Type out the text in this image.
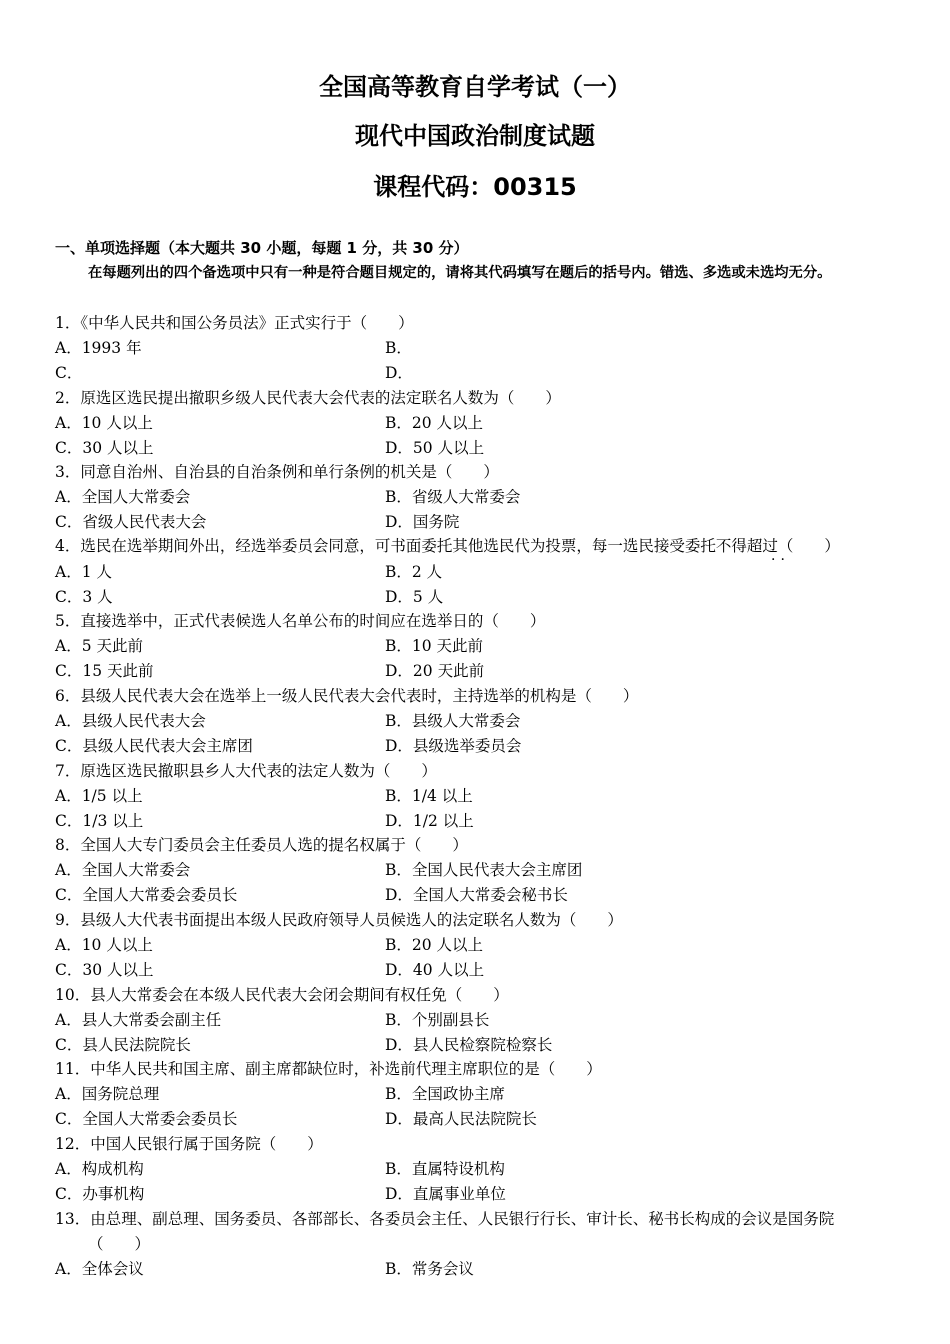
全国高等教育自学考试（一）
现代中国政治制度试题
课程代码：00315
一、单项选择题（本大题共 30 小题，每题 1 分，共 30 分）
在每题列出的四个备选项中只有一种是符合题目规定的，请将其代码填写在题后的括号内。错选、多选或未选均无分。
1．《中华人民共和国公务员法》正式实行于（　　）
A．1993 年	B．
C．	D．
2．原选区选民提出撤职乡级人民代表大会代表的法定联名人数为（　　）
A．10 人以上	B．20 人以上
C．30 人以上	D．50 人以上
3．同意自治州、自治县的自治条例和单行条例的机关是（　　）
A．全国人大常委会	B．省级人大常委会
C．省级人民代表大会	D．国务院
4．选民在选举期间外出，经选举委员会同意，可书面委托其他选民代为投票，每一选民接受委托不得超过（　　）
··
A．1 人	B．2 人
C．3 人	D．5 人
5．直接选举中，正式代表候选人名单公布的时间应在选举日的（　　）
A．5 天此前	B．10 天此前
C．15 天此前	D．20 天此前
6．县级人民代表大会在选举上一级人民代表大会代表时，主持选举的机构是（　　）
A．县级人民代表大会	B．县级人大常委会
C．县级人民代表大会主席团	D．县级选举委员会
7．原选区选民撤职县乡人大代表的法定人数为（　　）
A．1/5 以上	B．1/4 以上
C．1/3 以上	D．1/2 以上
8．全国人大专门委员会主任委员人选的提名权属于（　　）
A．全国人大常委会	B．全国人民代表大会主席团
C．全国人大常委会委员长	D．全国人大常委会秘书长
9．县级人大代表书面提出本级人民政府领导人员候选人的法定联名人数为（　　）
A．10 人以上	B．20 人以上
C．30 人以上	D．40 人以上
10．县人大常委会在本级人民代表大会闭会期间有权任免（　　）
A．县人大常委会副主任	B．个别副县长
C．县人民法院院长	D．县人民检察院检察长
11．中华人民共和国主席、副主席都缺位时，补选前代理主席职位的是（　　）
A．国务院总理	B．全国政协主席
C．全国人大常委会委员长	D．最高人民法院院长
12．中国人民银行属于国务院（　　）
A．构成机构	B．直属特设机构
C．办事机构	D．直属事业单位
13．由总理、副总理、国务委员、各部部长、各委员会主任、人民银行行长、审计长、秘书长构成的会议是国务院
（　　）
A．全体会议	B．常务会议
